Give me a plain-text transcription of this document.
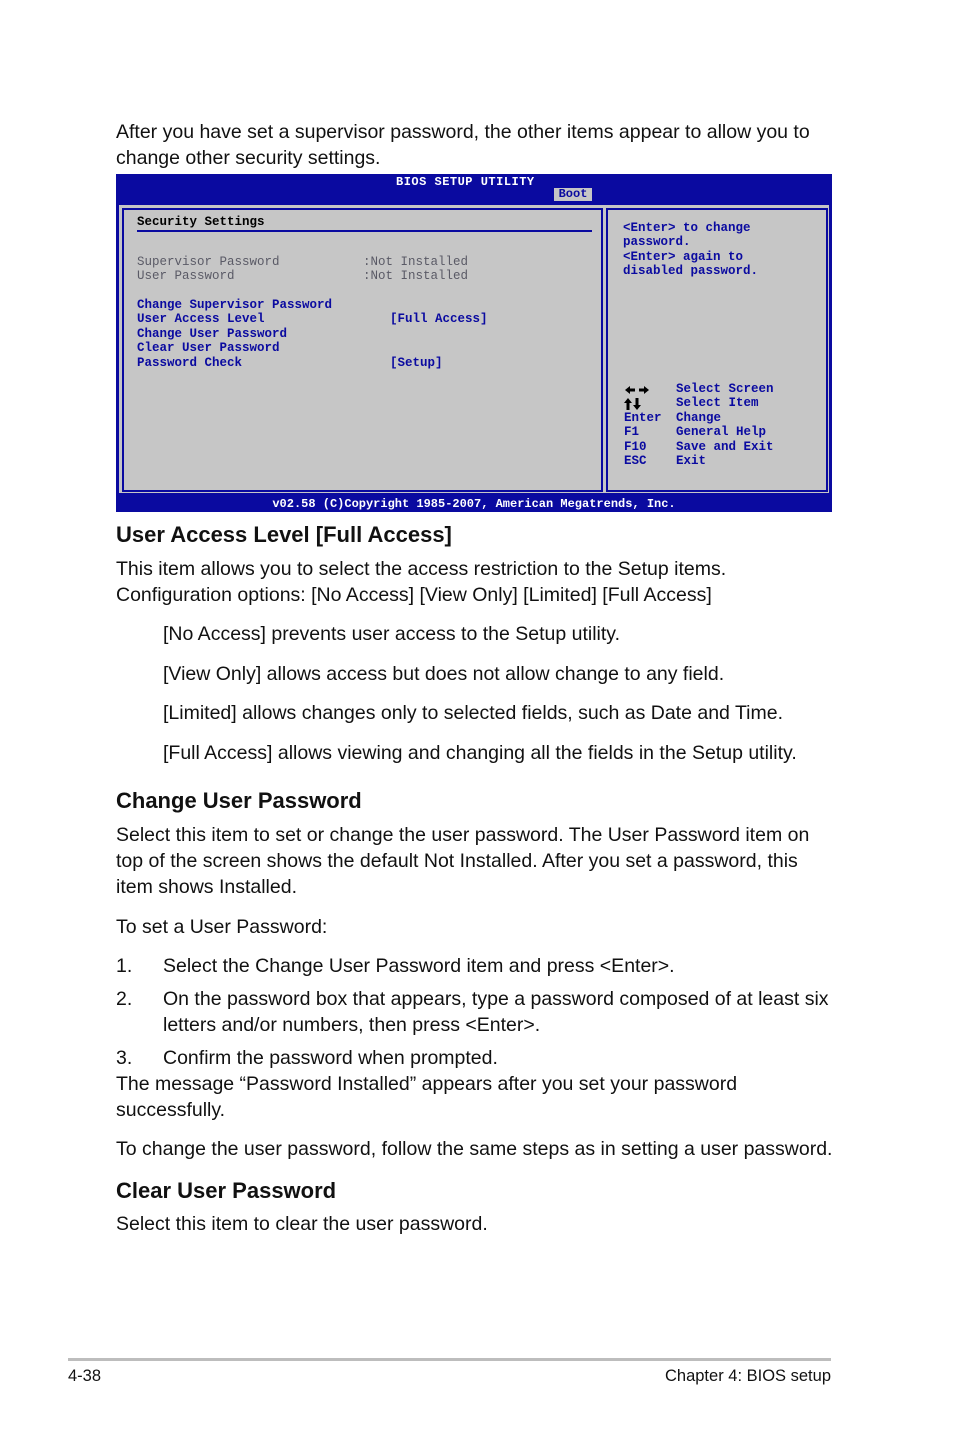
After you have set a supervisor password, the other items appear to allow you to change other security settings.

BIOS SETUP UTILITY
Boot
Security Settings
Supervisor Password	:Not Installed
User Password	:Not Installed
Change Supervisor Password
User Access Level	[Full Access]
Change User Password
Clear User Password
Password Check	[Setup]
<Enter> to change
password.
<Enter> again to
disabled password.
Select Screen
Select Item
Enter Change
F1	General Help
F10 Save and Exit
ESC Exit
v02.58 (C)Copyright 1985-2007, American Megatrends, Inc.
User Access Level [Full Access]

This item allows you to select the access restriction to the Setup items. Configuration options: [No Access] [View Only] [Limited] [Full Access]

[No Access] prevents user access to the Setup utility.

[View Only] allows access but does not allow change to any field.

[Limited] allows changes only to selected fields, such as Date and Time.

[Full Access] allows viewing and changing all the fields in the Setup utility.

Change User Password

Select this item to set or change the user password. The User Password item on top of the screen shows the default Not Installed. After you set a password, this item shows Installed.

To set a User Password:

1. Select the Change User Password item and press <Enter>.

2. On the password box that appears, type a password composed of at least six letters and/or numbers, then press <Enter>.

3. Confirm the password when prompted.

The message “Password Installed” appears after you set your password successfully.

To change the user password, follow the same steps as in setting a user password.

Clear User Password

Select this item to clear the user password.

4-38	Chapter 4: BIOS setup
